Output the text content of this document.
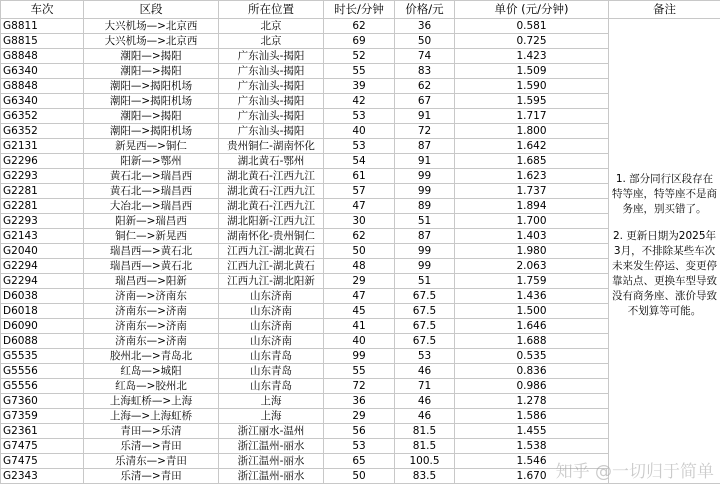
车次	区段	所在位置	时长/分钟	价格/元	单价 (元/分钟)	备注
G8811	大兴机场—>北京西	北京	62	36	0.581	1. 部分同行区段存在特等座，特等座不是商务座，别买错了。

2. 更新日期为2025年3月，不排除某些车次未来发生停运、变更停靠站点、更换车型导致没有商务座、涨价导致不划算等可能。

G8815	大兴机场—>北京西	北京	69	50	0.725	
G8848	潮阳—>揭阳	广东汕头-揭阳	52	74	1.423	
G6340	潮阳—>揭阳	广东汕头-揭阳	55	83	1.509	
G8848	潮阳—>揭阳机场	广东汕头-揭阳	39	62	1.590	
G6340	潮阳—>揭阳机场	广东汕头-揭阳	42	67	1.595	
G6352	潮阳—>揭阳	广东汕头-揭阳	53	91	1.717	
G6352	潮阳—>揭阳机场	广东汕头-揭阳	40	72	1.800	
G2131	新晃西—>铜仁	贵州铜仁-湖南怀化	53	87	1.642	
G2296	阳新—>鄂州	湖北黄石-鄂州	54	91	1.685	
G2293	黄石北—>瑞昌西	湖北黄石-江西九江	61	99	1.623	
G2281	黄石北—>瑞昌西	湖北黄石-江西九江	57	99	1.737	
G2281	大冶北—>瑞昌西	湖北黄石-江西九江	47	89	1.894	
G2293	阳新—>瑞昌西	湖北阳新-江西九江	30	51	1.700	
G2143	铜仁—>新晃西	湖南怀化-贵州铜仁	62	87	1.403	
G2040	瑞昌西—>黄石北	江西九江-湖北黄石	50	99	1.980	
G2294	瑞昌西—>黄石北	江西九江-湖北黄石	48	99	2.063	
G2294	瑞昌西—>阳新	江西九江-湖北阳新	29	51	1.759	
D6038	济南—>济南东	山东济南	47	67.5	1.436	
D6018	济南东—>济南	山东济南	45	67.5	1.500	
D6090	济南东—>济南	山东济南	41	67.5	1.646	
D6088	济南东—>济南	山东济南	40	67.5	1.688	
G5535	胶州北—>青岛北	山东青岛	99	53	0.535	
G5556	红岛—>城阳	山东青岛	55	46	0.836	
G5556	红岛—>胶州北	山东青岛	72	71	0.986	
G7360	上海虹桥—>上海	上海	36	46	1.278	
G7359	上海—>上海虹桥	上海	29	46	1.586	
G2361	青田—>乐清	浙江丽水-温州	56	81.5	1.455	
G7475	乐清—>青田	浙江温州-丽水	53	81.5	1.538	
G7475	乐清东—>青田	浙江温州-丽水	65	100.5	1.546	
G2343	乐清—>青田	浙江温州-丽水	50	83.5	1.670	知乎 @一切归于简单
